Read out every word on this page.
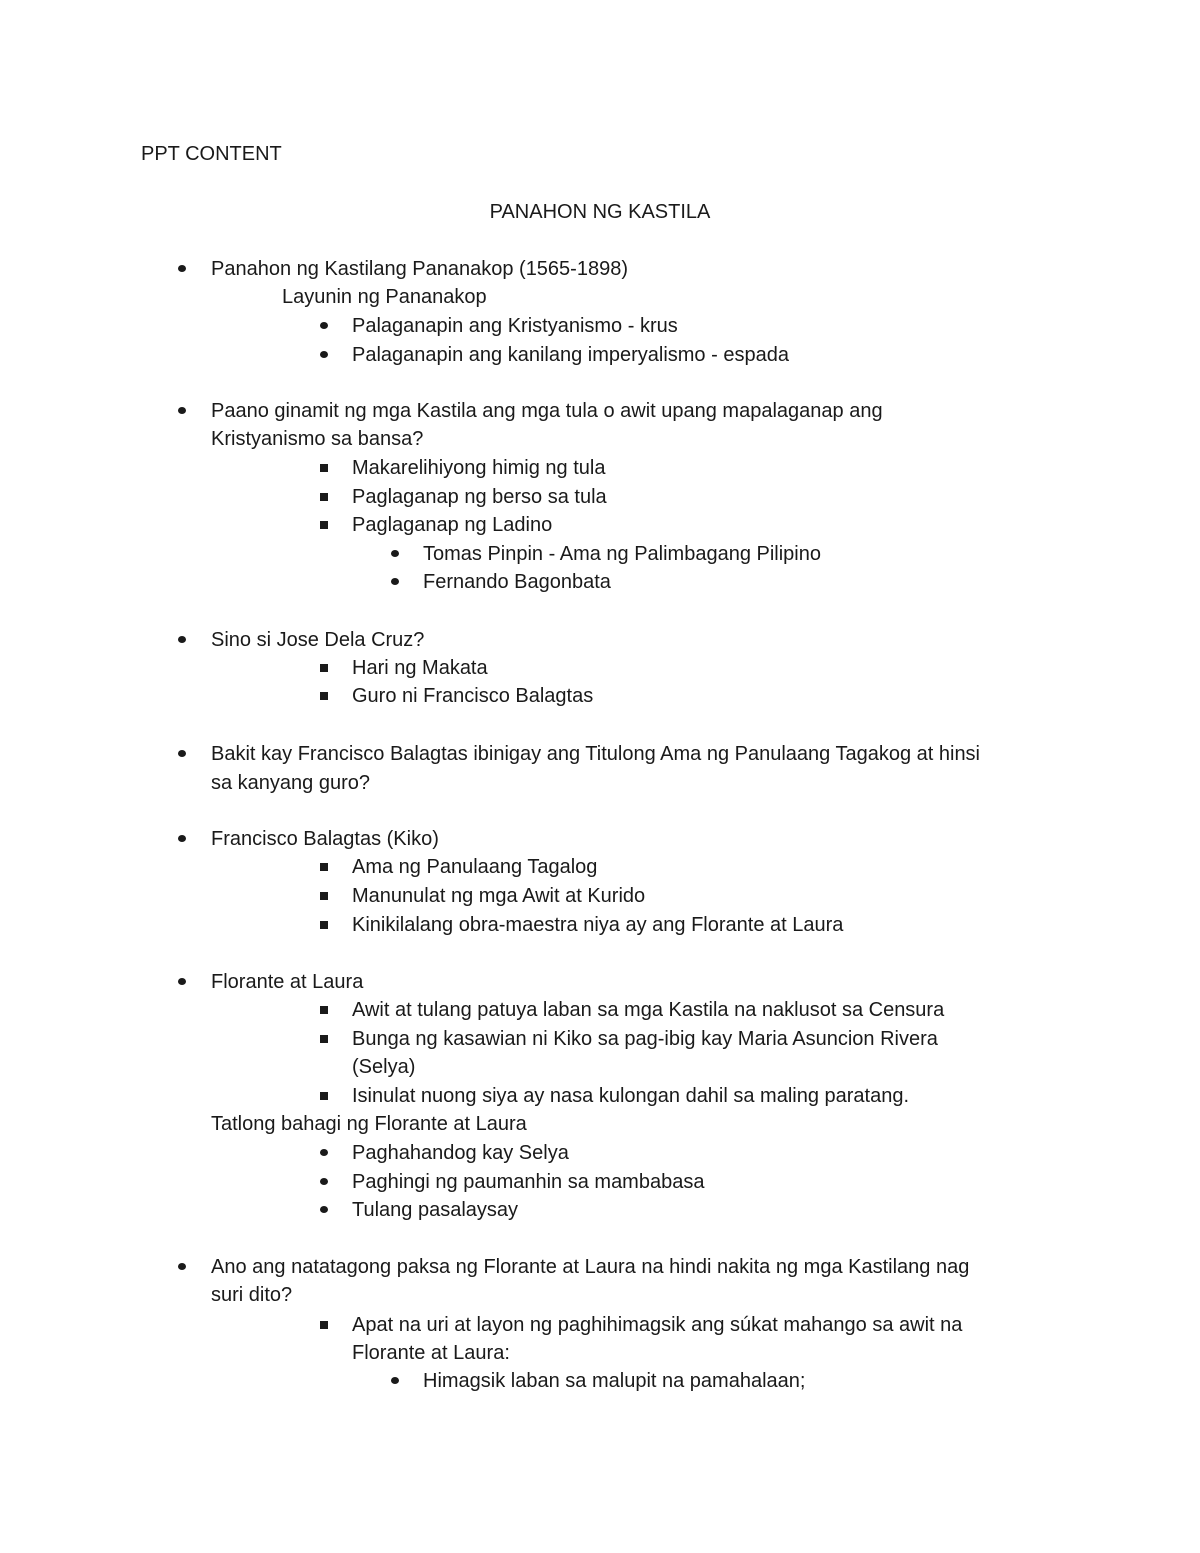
PPT CONTENT

PANAHON NG KASTILA

Panahon ng Kastilang Pananakop (1565-1898)

Layunin ng Pananakop

Palaganapin ang Kristyanismo - krus

Palaganapin ang kanilang imperyalismo - espada

Paano ginamit ng mga Kastila ang mga tula o awit upang mapalaganap ang

Kristyanismo sa bansa?

Makarelihiyong himig ng tula

Paglaganap ng berso sa tula

Paglaganap ng Ladino

Tomas Pinpin - Ama ng Palimbagang Pilipino

Fernando Bagonbata

Sino si Jose Dela Cruz?

Hari ng Makata

Guro ni Francisco Balagtas

Bakit kay Francisco Balagtas ibinigay ang Titulong Ama ng Panulaang Tagakog at hinsi

sa kanyang guro?

Francisco Balagtas (Kiko)

Ama ng Panulaang Tagalog

Manunulat ng mga Awit at Kurido

Kinikilalang obra-maestra niya ay ang Florante at Laura

Florante at Laura

Awit at tulang patuya laban sa mga Kastila na naklusot sa Censura

Bunga ng kasawian ni Kiko sa pag-ibig kay Maria Asuncion Rivera

(Selya)

Isinulat nuong siya ay nasa kulongan dahil sa maling paratang.

Tatlong bahagi ng Florante at Laura

Paghahandog kay Selya

Paghingi ng paumanhin sa mambabasa

Tulang pasalaysay

Ano ang natatagong paksa ng Florante at Laura na hindi nakita ng mga Kastilang nag

suri dito?

Apat na uri at layon ng paghihimagsik ang súkat mahango sa awit na

Florante at Laura:

Himagsik laban sa malupit na pamahalaan;
